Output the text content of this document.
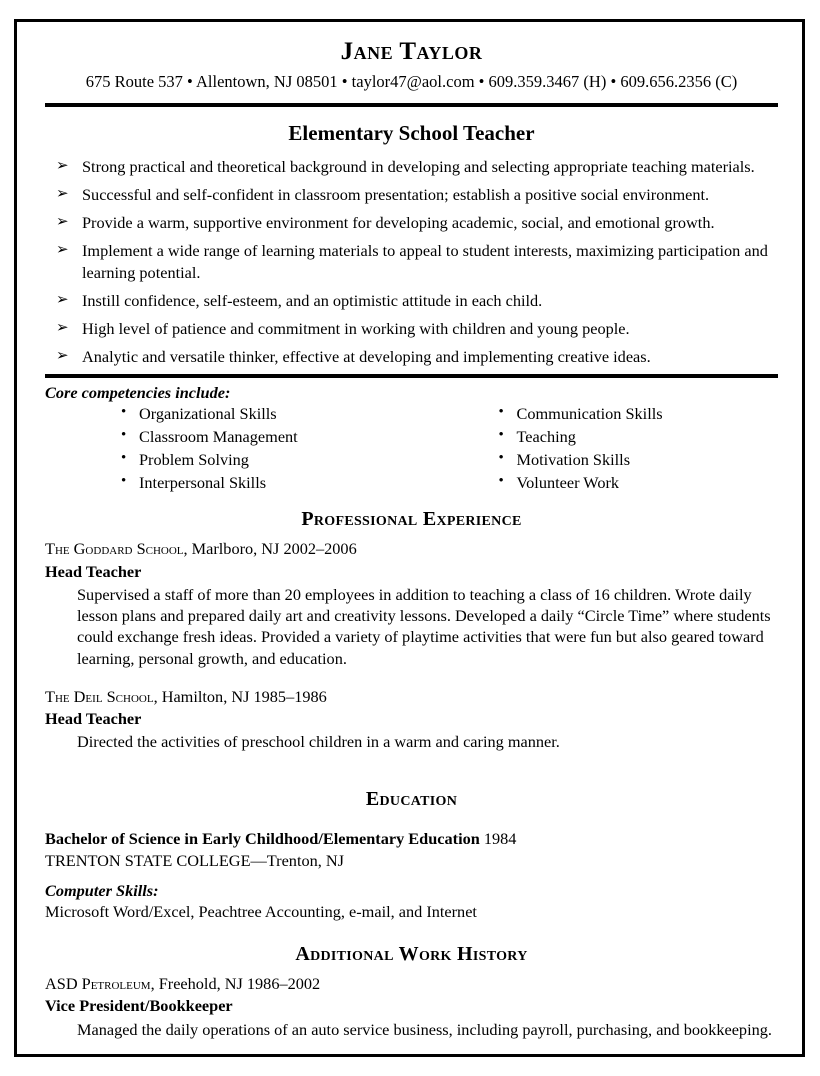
Jane Taylor
675 Route 537 • Allentown, NJ 08501 • taylor47@aol.com • 609.359.3467 (H) • 609.656.2356 (C)
Elementary School Teacher
➢ Strong practical and theoretical background in developing and selecting appropriate teaching materials.
➢ Successful and self-confident in classroom presentation; establish a positive social environment.
➢ Provide a warm, supportive environment for developing academic, social, and emotional growth.
➢ Implement a wide range of learning materials to appeal to student interests, maximizing participation and learning potential.
➢ Instill confidence, self-esteem, and an optimistic attitude in each child.
➢ High level of patience and commitment in working with children and young people.
➢ Analytic and versatile thinker, effective at developing and implementing creative ideas.
Core competencies include:
• Organizational Skills
• Classroom Management
• Problem Solving
• Interpersonal Skills
• Communication Skills
• Teaching
• Motivation Skills
• Volunteer Work
Professional Experience
The Goddard School, Marlboro, NJ 2002–2006
Head Teacher
Supervised a staff of more than 20 employees in addition to teaching a class of 16 children. Wrote daily lesson plans and prepared daily art and creativity lessons. Developed a daily “Circle Time” where students could exchange fresh ideas. Provided a variety of playtime activities that were fun but also geared toward learning, personal growth, and education.
The Deil School, Hamilton, NJ 1985–1986
Head Teacher
Directed the activities of preschool children in a warm and caring manner.
Education
Bachelor of Science in Early Childhood/Elementary Education 1984
TRENTON STATE COLLEGE—Trenton, NJ
Computer Skills:
Microsoft Word/Excel, Peachtree Accounting, e-mail, and Internet
Additional Work History
ASD Petroleum, Freehold, NJ 1986–2002
Vice President/Bookkeeper
Managed the daily operations of an auto service business, including payroll, purchasing, and bookkeeping.
